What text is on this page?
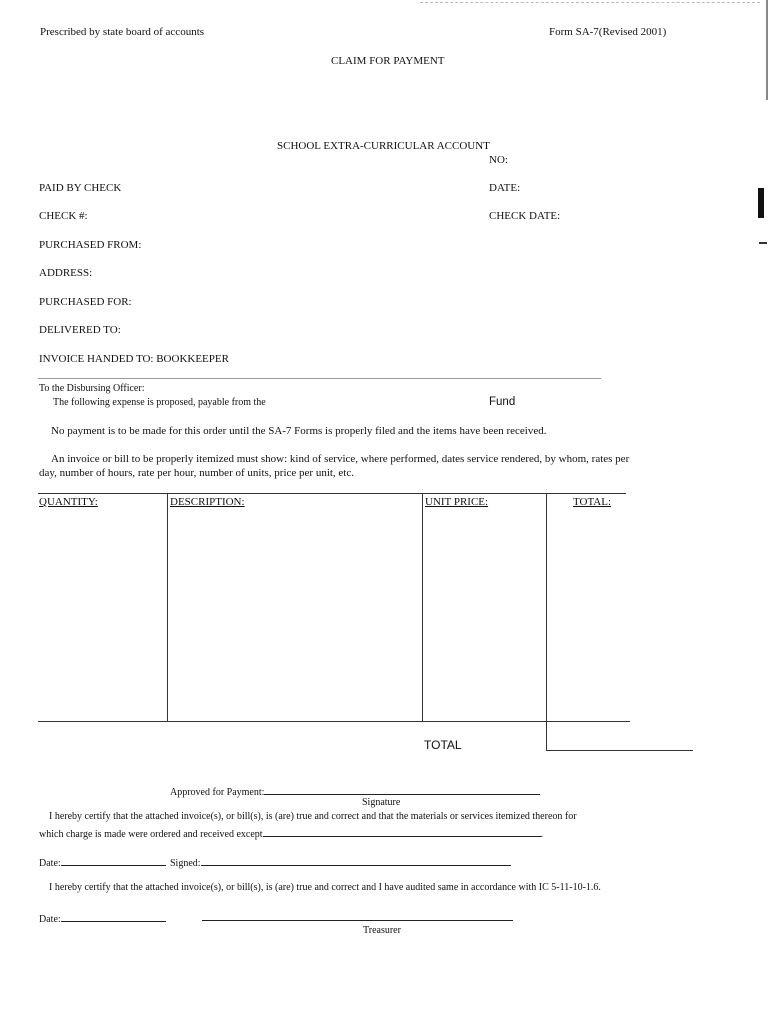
Prescribed by state board of accounts	Form SA-7(Revised 2001)
CLAIM FOR PAYMENT
SCHOOL EXTRA-CURRICULAR ACCOUNT
NO:
PAID BY CHECK	DATE:
CHECK #:	CHECK DATE:
PURCHASED FROM:
ADDRESS:
PURCHASED FOR:
DELIVERED TO:
INVOICE HANDED TO: BOOKKEEPER
To the Disbursing Officer:
The following expense is proposed, payable from the	Fund
No payment is to be made for this order until the SA-7 Forms is properly filed and the items have been received.
An invoice or bill to be properly itemized must show: kind of service, where performed, dates service rendered, by whom, rates per
day, number of hours, rate per hour, number of units, price per unit, etc.
QUANTITY:	DESCRIPTION:	UNIT PRICE:	TOTAL:
TOTAL
Approved for Payment:
Signature
I hereby certify that the attached invoice(s), or bill(s), is (are) true and correct and that the materials or services itemized thereon for
which charge is made were ordered and received except	.
Date:	Signed:
I hereby certify that the attached invoice(s), or bill(s), is (are) true and correct and I have audited same in accordance with IC 5-11-10-1.6.
Date:
Treasurer
